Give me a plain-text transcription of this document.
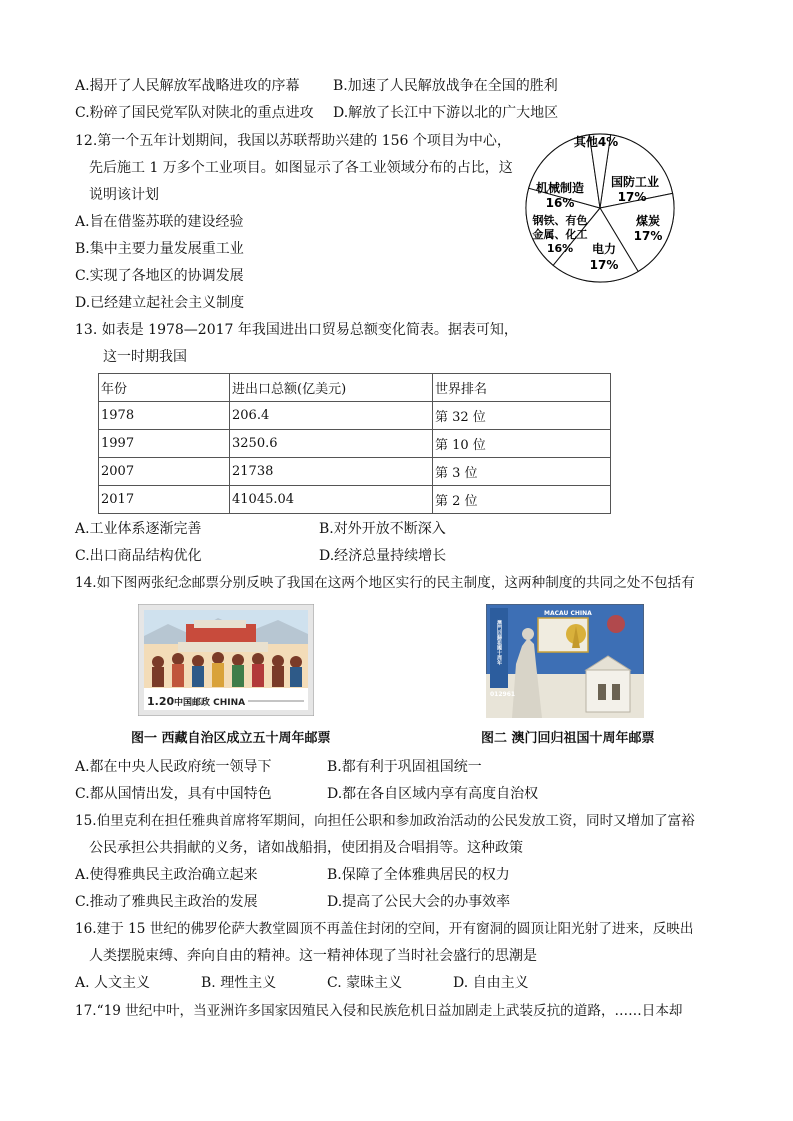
A.揭开了人民解放军战略进攻的序幕 B.加速了人民解放战争在全国的胜利
C.粉碎了国民党军队对陕北的重点进攻 D.解放了长江中下游以北的广大地区
12.第一个五年计划期间，我国以苏联帮助兴建的 156 个项目为中心，
先后施工 1 万多个工业项目。如图显示了各工业领域分布的占比，这
说明该计划
A.旨在借鉴苏联的建设经验
B.集中主要力量发展重工业
C.实现了各地区的协调发展
D.已经建立起社会主义制度
其他4%
国防工业
17%
煤炭
17%
电力
17%
钢铁、有色
金属、化工
16%
机械制造
16%
13. 如表是 1978—2017 年我国进出口贸易总额变化简表。据表可知，
这一时期我国
年份	进出口总额(亿美元)	世界排名
1978	206.4	第 32 位
1997	3250.6	第 10 位
2007	21738	第 3 位
2017	41045.04	第 2 位
A.工业体系逐渐完善	B.对外开放不断深入
C.出口商品结构优化	D.经济总量持续增长
14.如下图两张纪念邮票分别反映了我国在这两个地区实行的民主制度，这两种制度的共同之处不包括有
1.20 中国邮政 CHINA
澳門回歸祖國十周年
MACAU CHINA
012961
图一 西藏自治区成立五十周年邮票	图二 澳门回归祖国十周年邮票
A.都在中央人民政府统一领导下	B.都有利于巩固祖国统一
C.都从国情出发，具有中国特色	D.都在各自区域内享有高度自治权
15.伯里克利在担任雅典首席将军期间，向担任公职和参加政治活动的公民发放工资，同时又增加了富裕
公民承担公共捐献的义务，诸如战船捐，使团捐及合唱捐等。这种政策
A.使得雅典民主政治确立起来	B.保障了全体雅典居民的权力
C.推动了雅典民主政治的发展	D.提高了公民大会的办事效率
16.建于 15 世纪的佛罗伦萨大教堂圆顶不再盖住封闭的空间，开有窗洞的圆顶让阳光射了进来，反映出
人类摆脱束缚、奔向自由的精神。这一精神体现了当时社会盛行的思潮是
A. 人文主义	B. 理性主义	C. 蒙昧主义	D. 自由主义
17.“19 世纪中叶，当亚洲许多国家因殖民入侵和民族危机日益加剧走上武装反抗的道路，……日本却
